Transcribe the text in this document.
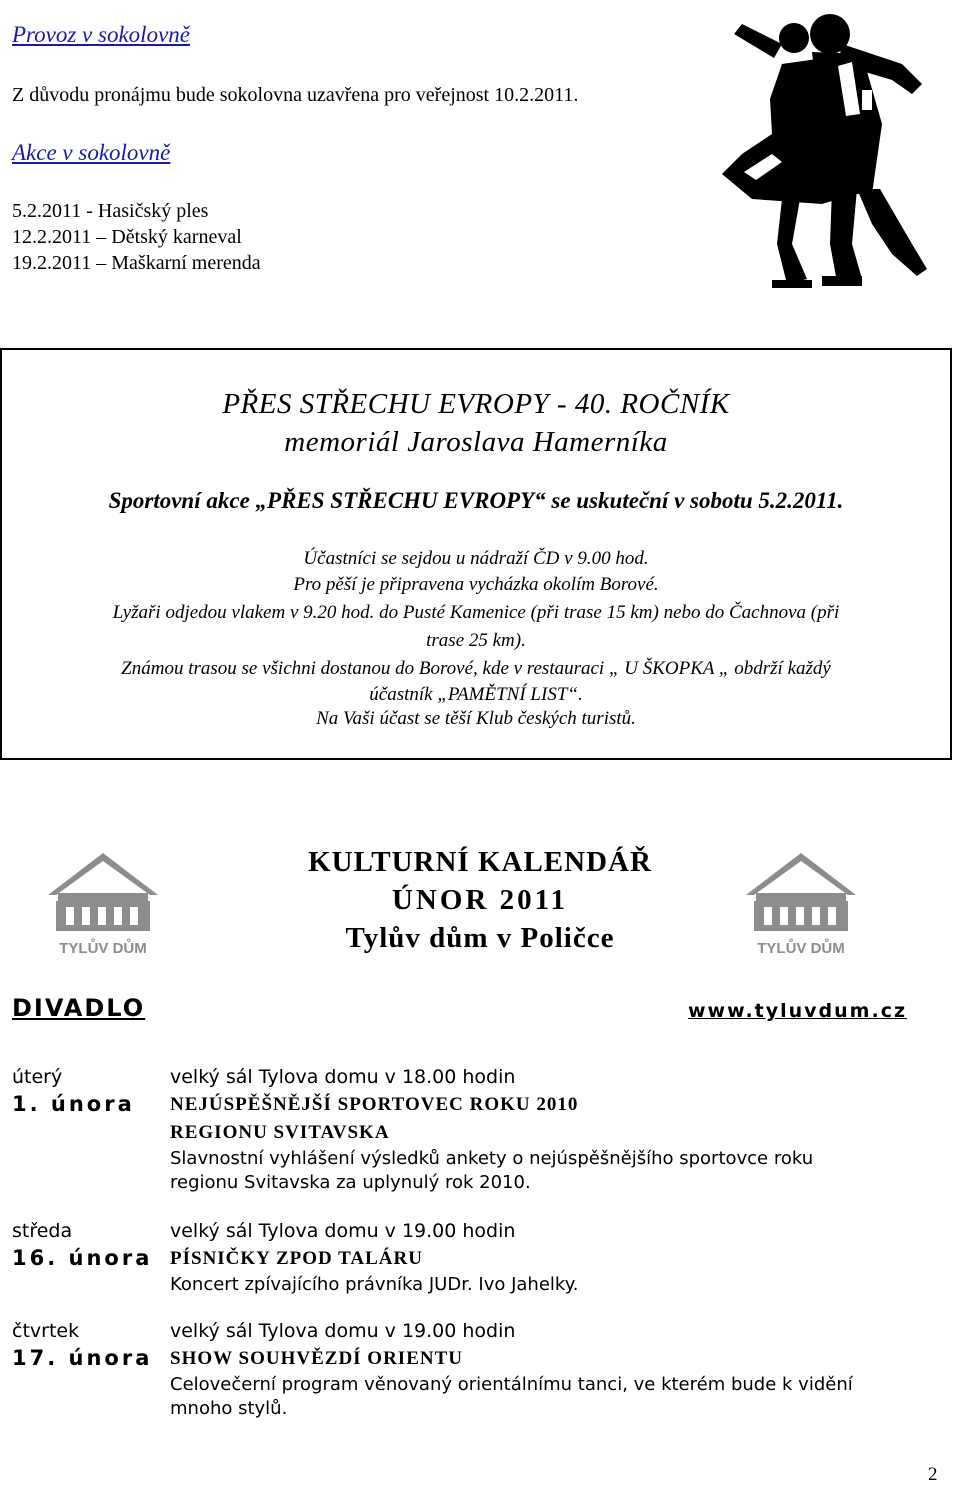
Provoz v sokolovně
Z důvodu pronájmu bude sokolovna uzavřena pro veřejnost 10.2.2011.
Akce v sokolovně
5.2.2011 - Hasičský ples
12.2.2011 – Dětský karneval
19.2.2011 – Maškarní merenda
PŘES STŘECHU EVROPY - 40. ROČNÍK
memoriál Jaroslava Hamerníka
Sportovní akce „PŘES STŘECHU EVROPY“ se uskuteční v sobotu 5.2.2011.
Účastníci se sejdou u nádraží ČD v 9.00 hod.
Pro pěší je připravena vycházka okolím Borové.
Lyžaři odjedou vlakem v 9.20 hod. do Pusté Kamenice (při trase 15 km) nebo do Čachnova (při
trase 25 km).
Známou trasou se všichni dostanou do Borové, kde v restauraci „ U ŠKOPKA „ obdrží každý
účastník „PAMĚTNÍ LIST“.
Na Vaši účast se těší Klub českých turistů.
TYLŮV DŮM	TYLŮV DŮM
KULTURNÍ KALENDÁŘ
ÚNOR 2011
Tylův dům v Poličce
DIVADLO	www.tyluvdum.cz
úterý	velký sál Tylova domu v 18.00 hodin
1. února NEJÚSPĚŠNĚJŠÍ SPORTOVEC ROKU 2010
REGIONU SVITAVSKA
Slavnostní vyhlášení výsledků ankety o nejúspěšnějšího sportovce roku
regionu Svitavska za uplynulý rok 2010.
středa	velký sál Tylova domu v 19.00 hodin
16. února PÍSNIČKY ZPOD TALÁRU
Koncert zpívajícího právníka JUDr. Ivo Jahelky.
čtvrtek	velký sál Tylova domu v 19.00 hodin
17. února SHOW SOUHVĚZDÍ ORIENTU
Celovečerní program věnovaný orientálnímu tanci, ve kterém bude k vidění
mnoho stylů.
2
